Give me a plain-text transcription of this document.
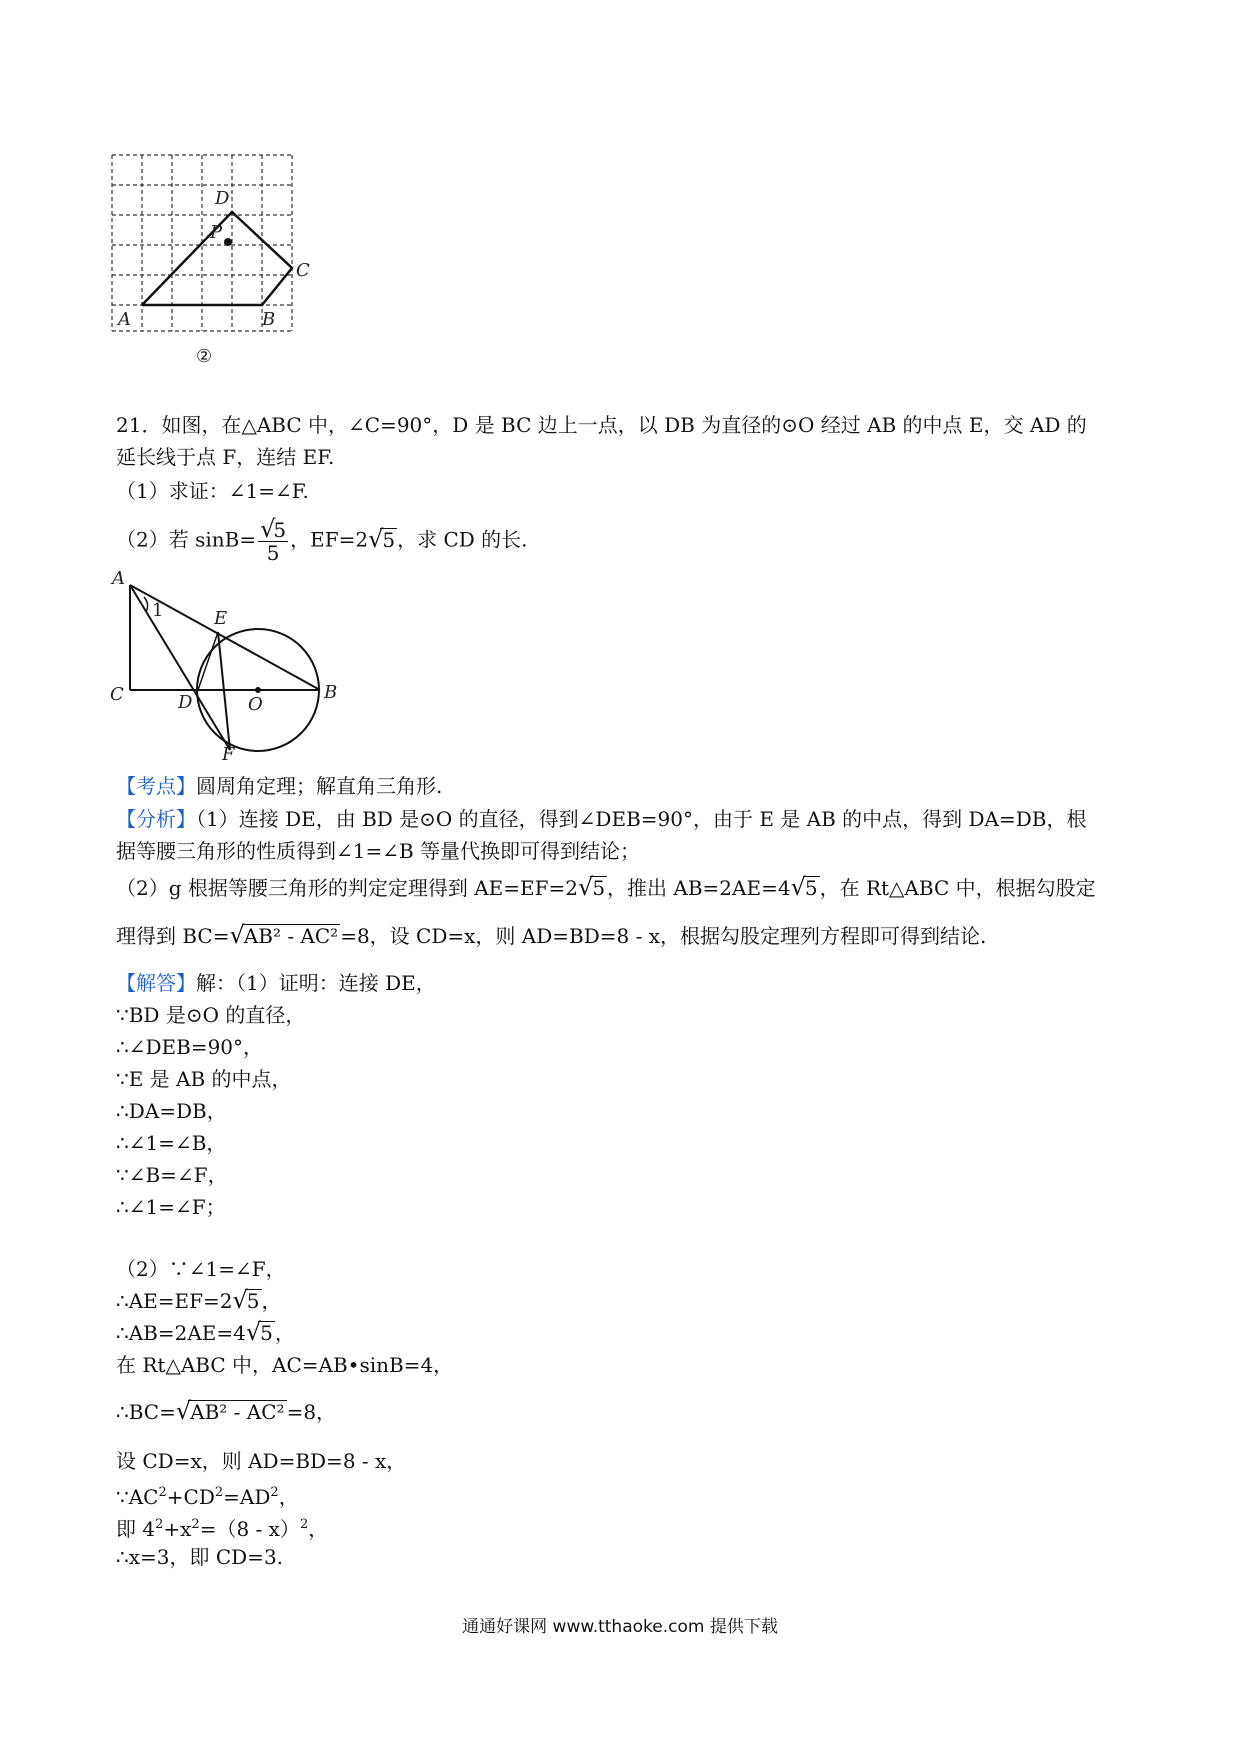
D
P
C
A	B
②
21．如图，在△ABC 中，∠C=90°，D 是 BC 边上一点，以 DB 为直径的⊙O 经过 AB 的中点 E，交 AD 的
延长线于点 F，连结 EF.
（1）求证：∠1=∠F.
（2）若 $\sin B= \frac{√5}{5}$ ，EF=2√5 ，求 CD 的长.
A
1	E
C	D	O
B
F
【考点】圆周角定理；解直角三角形.
【分析】（1）连接 DE，由 BD 是⊙O 的直径，得到∠DEB=90°，由于 E 是 AB 的中点，得到 DA=DB，根
据等腰三角形的性质得到∠1=∠B 等量代换即可得到结论；
（2）g 根据等腰三角形的判定定理得到 AE=EF=2√5 ，推出 AB=2AE=4√5 ，在 Rt△ABC 中，根据勾股定
理得到 BC=√AB² - AC² =8，设 CD=x，则 AD=BD=8 - x，根据勾股定理列方程即可得到结论.
【解答】解：（1）证明：连接 DE，
∵BD 是⊙O 的直径，
∴∠DEB=90°，
∵E 是 AB 的中点，
∴DA=DB，
∴∠1=∠B，
∵∠B=∠F，
∴∠1=∠F；
（2）∵∠1=∠F，
∴AE=EF=2√5 ，
∴AB=2AE=4√5 ，
在 Rt△ABC 中，AC=AB•sinB=4，
∴BC=√AB² - AC² =8，
设 CD=x，则 AD=BD=8 - x，
$\because AC^2+CD^2=AD^2$，
即 $4^2+x^2=(8 - x)^2$，
∴x=3，即 CD=3.
通通好课网 www.tthaoke.com 提供下载
